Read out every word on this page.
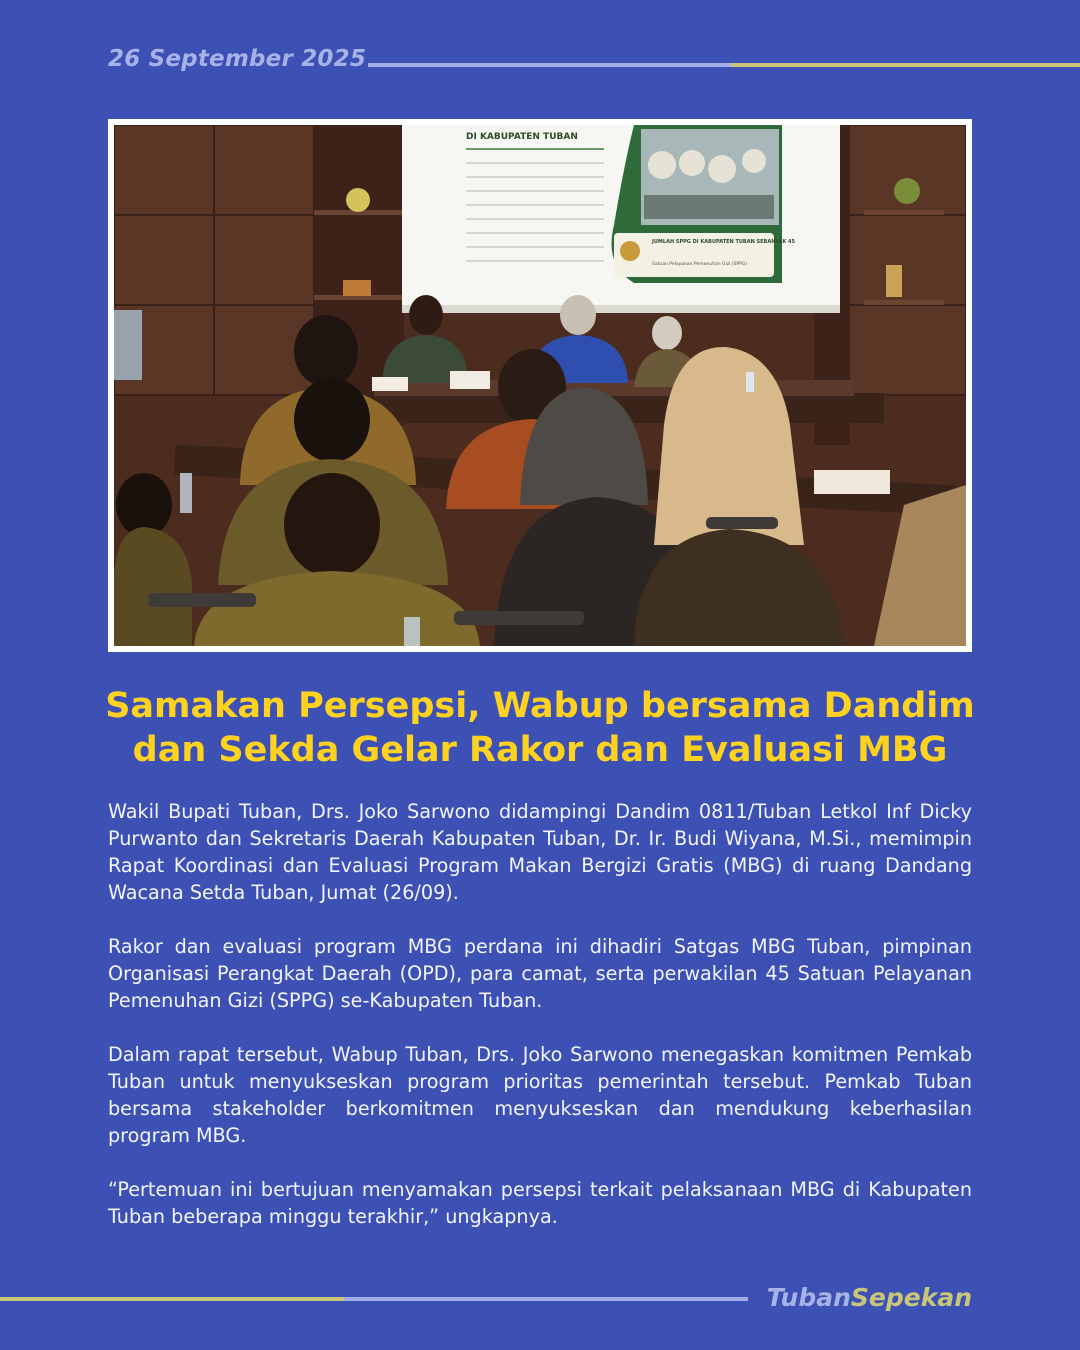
26 September 2025
DI KABUPATEN TUBAN
JUMLAH SPPG DI KABUPATEN TUBAN SEBANYAK 45
Satuan Pelayanan Pemenuhan Gizi (SPPG)
Samakan Persepsi, Wabup bersama Dandim
dan Sekda Gelar Rakor dan Evaluasi MBG

Wakil Bupati Tuban, Drs. Joko Sarwono didampingi Dandim 0811/Tuban Letkol Inf Dicky Purwanto dan Sekretaris Daerah Kabupaten Tuban, Dr. Ir. Budi Wiyana, M.Si., memimpin Rapat Koordinasi dan Evaluasi Program Makan Bergizi Gratis (MBG) di ruang Dandang Wacana Setda Tuban, Jumat (26/09).

Rakor dan evaluasi program MBG perdana ini dihadiri Satgas MBG Tuban, pimpinan Organisasi Perangkat Daerah (OPD), para camat, serta perwakilan 45 Satuan Pelayanan Pemenuhan Gizi (SPPG) se-Kabupaten Tuban.

Dalam rapat tersebut, Wabup Tuban, Drs. Joko Sarwono menegaskan komitmen Pemkab Tuban untuk menyukseskan program prioritas pemerintah tersebut. Pemkab Tuban bersama stakeholder berkomitmen menyukseskan dan mendukung keberhasilan program MBG.

“Pertemuan ini bertujuan menyamakan persepsi terkait pelaksanaan MBG di Kabupaten Tuban beberapa minggu terakhir,” ungkapnya.

TubanSepekan
